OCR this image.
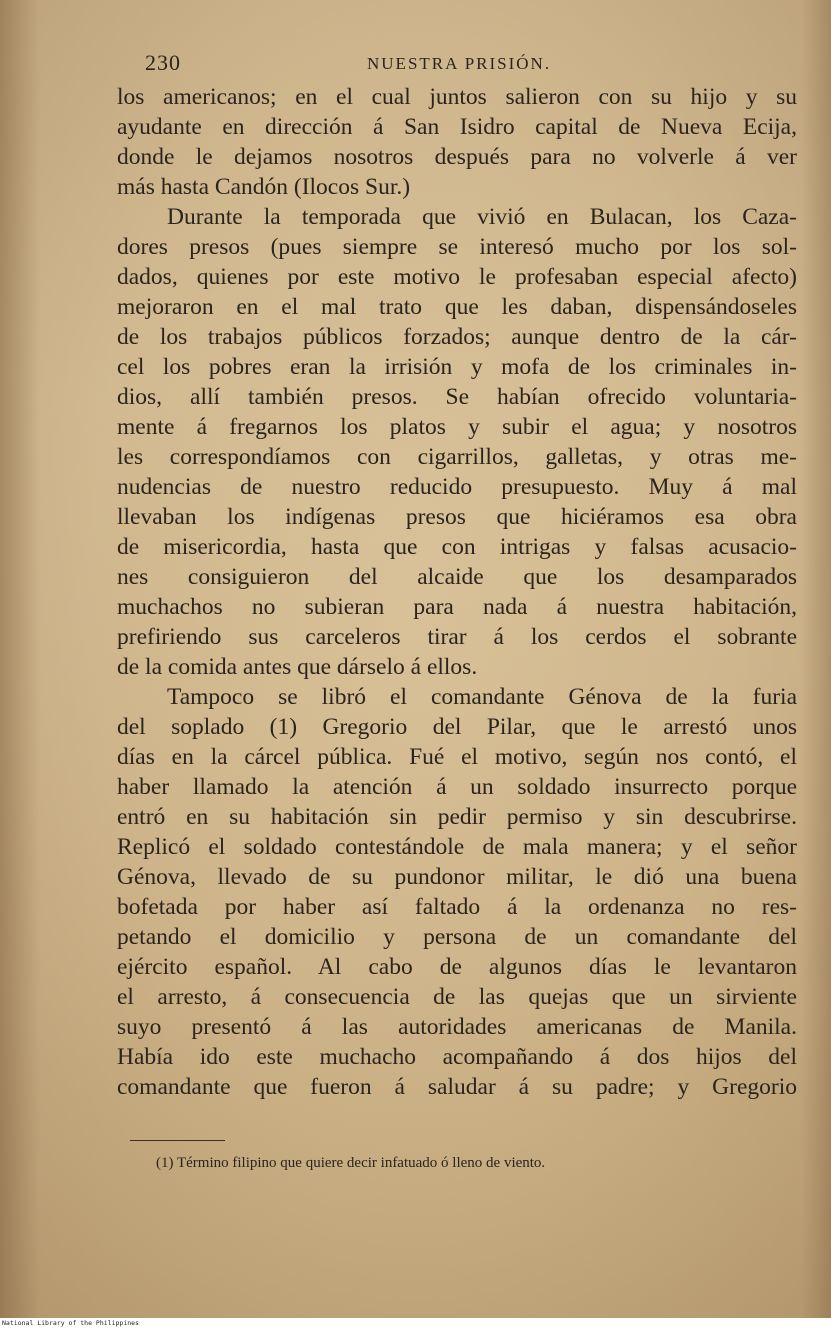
230	NUESTRA PRISIÓN.
los americanos; en el cual juntos salieron con su hijo y su
ayudante en dirección á San Isidro capital de Nueva Ecija,
donde le dejamos nosotros después para no volverle á ver
más hasta Candón (Ilocos Sur.)
Durante la temporada que vivió en Bulacan, los Caza-
dores presos (pues siempre se interesó mucho por los sol-
dados, quienes por este motivo le profesaban especial afecto)
mejoraron en el mal trato que les daban, dispensándoseles
de los trabajos públicos forzados; aunque dentro de la cár-
cel los pobres eran la irrisión y mofa de los criminales in-
dios, allí también presos. Se habían ofrecido voluntaria-
mente á fregarnos los platos y subir el agua; y nosotros
les correspondíamos con cigarrillos, galletas, y otras me-
nudencias de nuestro reducido presupuesto. Muy á mal
llevaban los indígenas presos que hiciéramos esa obra
de misericordia, hasta que con intrigas y falsas acusacio-
nes consiguieron del alcaide que los desamparados
muchachos no subieran para nada á nuestra habitación,
prefiriendo sus carceleros tirar á los cerdos el sobrante
de la comida antes que dárselo á ellos.
Tampoco se libró el comandante Génova de la furia
del soplado (1) Gregorio del Pilar, que le arrestó unos
días en la cárcel pública. Fué el motivo, según nos contó, el
haber llamado la atención á un soldado insurrecto porque
entró en su habitación sin pedir permiso y sin descubrirse.
Replicó el soldado contestándole de mala manera; y el señor
Génova, llevado de su pundonor militar, le dió una buena
bofetada por haber así faltado á la ordenanza no res-
petando el domicilio y persona de un comandante del
ejército español. Al cabo de algunos días le levantaron
el arresto, á consecuencia de las quejas que un sirviente
suyo presentó á las autoridades americanas de Manila.
Había ido este muchacho acompañando á dos hijos del
comandante que fueron á saludar á su padre; y Gregorio
(1) Término filipino que quiere decir infatuado ó lleno de viento.
National Library of the Philippines
